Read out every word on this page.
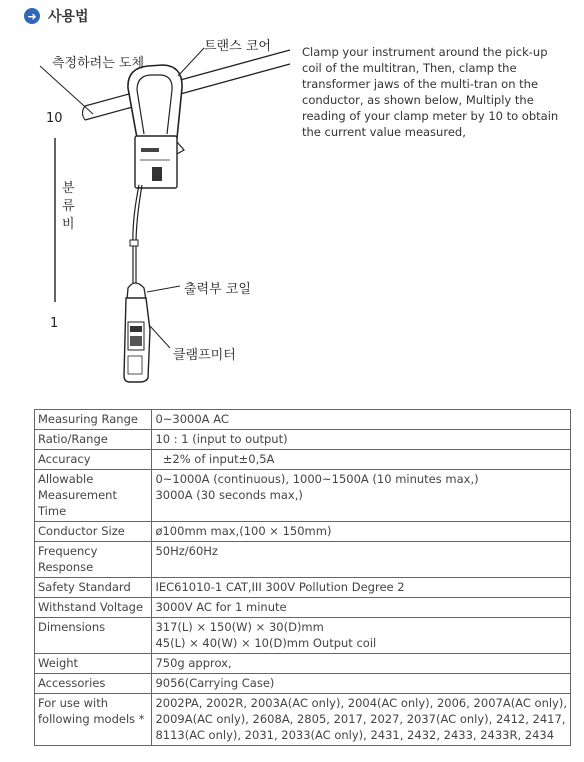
➜ 사용법
측정하려는 도체
트랜스 코어
10
분
류
비
1
출력부 코일
클램프미터
Clamp your instrument around the pick-up coil of the multitran, Then, clamp the transformer jaws of the multi-tran on the conductor, as shown below, Multiply the reading of your clamp meter by 10 to obtain the current value measured,
Measuring Range	0~3000A AC

Ratio/Range	10 : 1 (input to output)

Accuracy	±2% of input±0,5A

Allowable
Measurement Time	0~1000A (continuous), 1000~1500A (10 minutes max,)
3000A (30 seconds max,)

Conductor Size	ø100mm max,(100 × 150mm)

Frequency Response	50Hz/60Hz

Safety Standard	IEC61010-1 CAT,III 300V Pollution Degree 2

Withstand Voltage	3000V AC for 1 minute

Dimensions	317(L) × 150(W) × 30(D)mm
45(L) × 40(W) × 10(D)mm Output coil

Weight	750g approx,

Accessories	9056(Carrying Case)

For use with
following models *	2002PA, 2002R, 2003A(AC only), 2004(AC only), 2006, 2007A(AC only),
2009A(AC only), 2608A, 2805, 2017, 2027, 2037(AC only), 2412, 2417,
8113(AC only), 2031, 2033(AC only), 2431, 2432, 2433, 2433R, 2434
